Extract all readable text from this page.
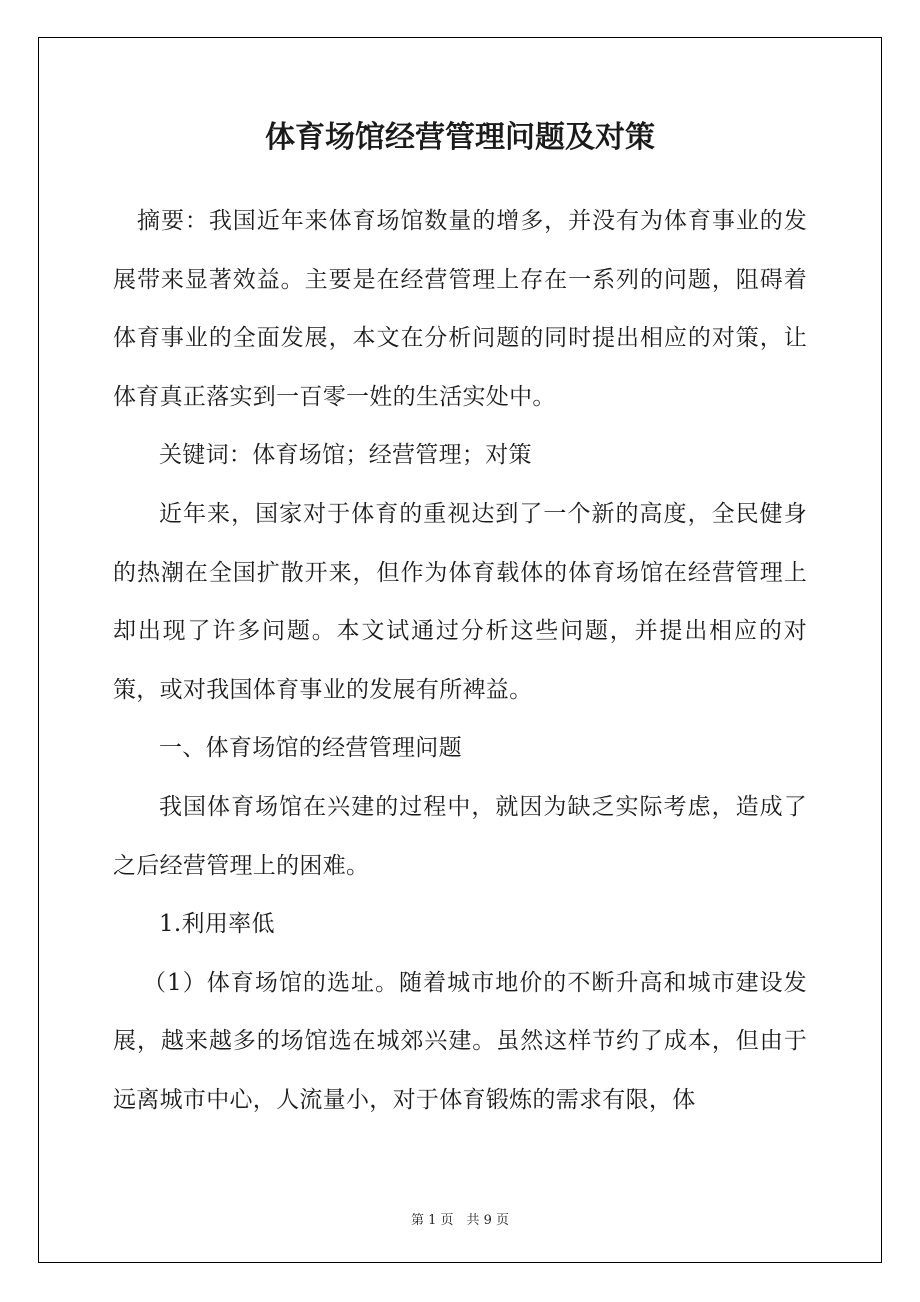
体育场馆经营管理问题及对策

摘要：我国近年来体育场馆数量的增多，并没有为体育事业的发展带来显著效益。主要是在经营管理上存在一系列的问题，阻碍着体育事业的全面发展，本文在分析问题的同时提出相应的对策，让体育真正落实到一百零一姓的生活实处中。

关键词：体育场馆；经营管理；对策

近年来，国家对于体育的重视达到了一个新的高度，全民健身的热潮在全国扩散开来，但作为体育载体的体育场馆在经营管理上却出现了许多问题。本文试通过分析这些问题，并提出相应的对策，或对我国体育事业的发展有所裨益。

一、体育场馆的经营管理问题

我国体育场馆在兴建的过程中，就因为缺乏实际考虑，造成了之后经营管理上的困难。

1.利用率低

（1）体育场馆的选址。随着城市地价的不断升高和城市建设发展，越来越多的场馆选在城郊兴建。虽然这样节约了成本，但由于远离城市中心，人流量小，对于体育锻炼的需求有限，体

第 1 页　共 9 页
